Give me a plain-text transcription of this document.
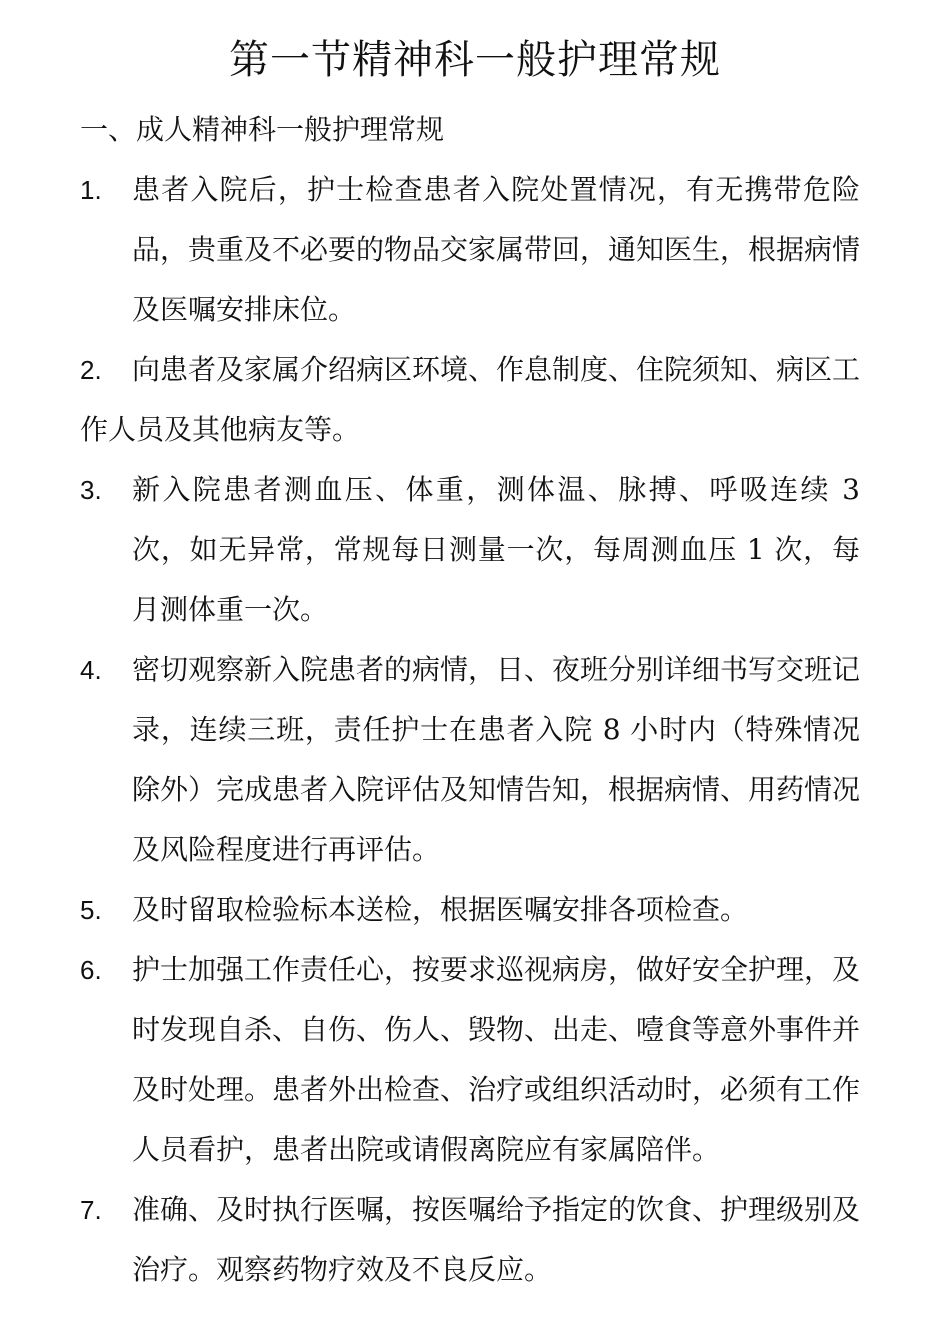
第一节精神科一般护理常规
一、成人精神科一般护理常规
1. 患者入院后，护士检查患者入院处置情况，有无携带危险品，贵重及不必要的物品交家属带回，通知医生，根据病情及医嘱安排床位。
2. 向患者及家属介绍病区环境、作息制度、住院须知、病区工作人员及其他病友等。
3. 新入院患者测血压、体重，测体温、脉搏、呼吸连续 3 次，如无异常，常规每日测量一次，每周测血压 1 次，每月测体重一次。
4. 密切观察新入院患者的病情，日、夜班分别详细书写交班记录，连续三班，责任护士在患者入院 8 小时内（特殊情况除外）完成患者入院评估及知情告知，根据病情、用药情况及风险程度进行再评估。
5. 及时留取检验标本送检，根据医嘱安排各项检查。
6. 护士加强工作责任心，按要求巡视病房，做好安全护理，及时发现自杀、自伤、伤人、毁物、出走、噎食等意外事件并及时处理。患者外出检查、治疗或组织活动时，必须有工作人员看护，患者出院或请假离院应有家属陪伴。
7. 准确、及时执行医嘱，按医嘱给予指定的饮食、护理级别及治疗。观察药物疗效及不良反应。
